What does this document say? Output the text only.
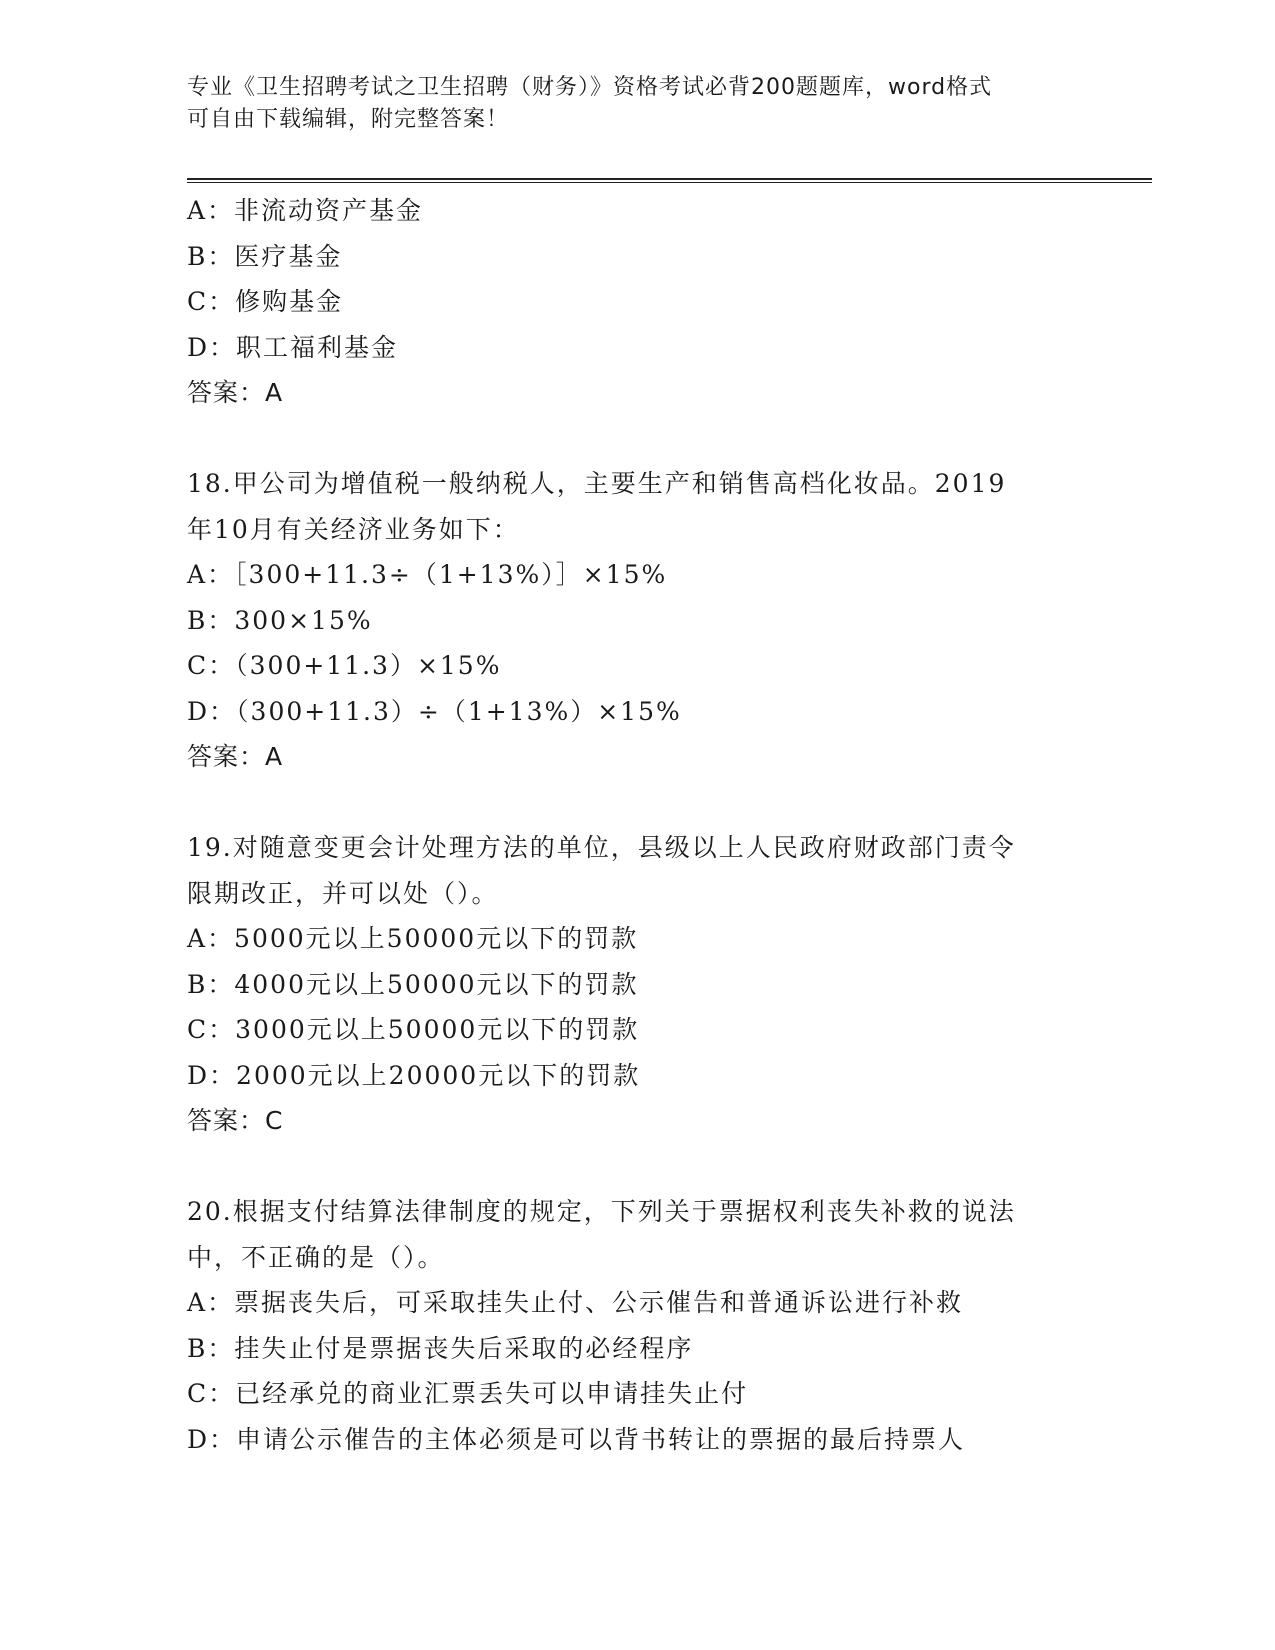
专业《卫生招聘考试之卫生招聘（财务）》资格考试必背200题题库，word格式
可自由下载编辑，附完整答案！
A：非流动资产基金
B：医疗基金
C：修购基金
D：职工福利基金
答案：A
18.甲公司为增值税一般纳税人，主要生产和销售高档化妆品。2019
年10月有关经济业务如下：
A：［300+11.3÷（1+13%）］×15%
B：300×15%
C：（300+11.3）×15%
D：（300+11.3）÷（1+13%）×15%
答案：A
19.对随意变更会计处理方法的单位，县级以上人民政府财政部门责令
限期改正，并可以处（）。
A：5000元以上50000元以下的罚款
B：4000元以上50000元以下的罚款
C：3000元以上50000元以下的罚款
D：2000元以上20000元以下的罚款
答案：C
20.根据支付结算法律制度的规定，下列关于票据权利丧失补救的说法
中，不正确的是（）。
A：票据丧失后，可采取挂失止付、公示催告和普通诉讼进行补救
B：挂失止付是票据丧失后采取的必经程序
C：已经承兑的商业汇票丢失可以申请挂失止付
D：申请公示催告的主体必须是可以背书转让的票据的最后持票人
